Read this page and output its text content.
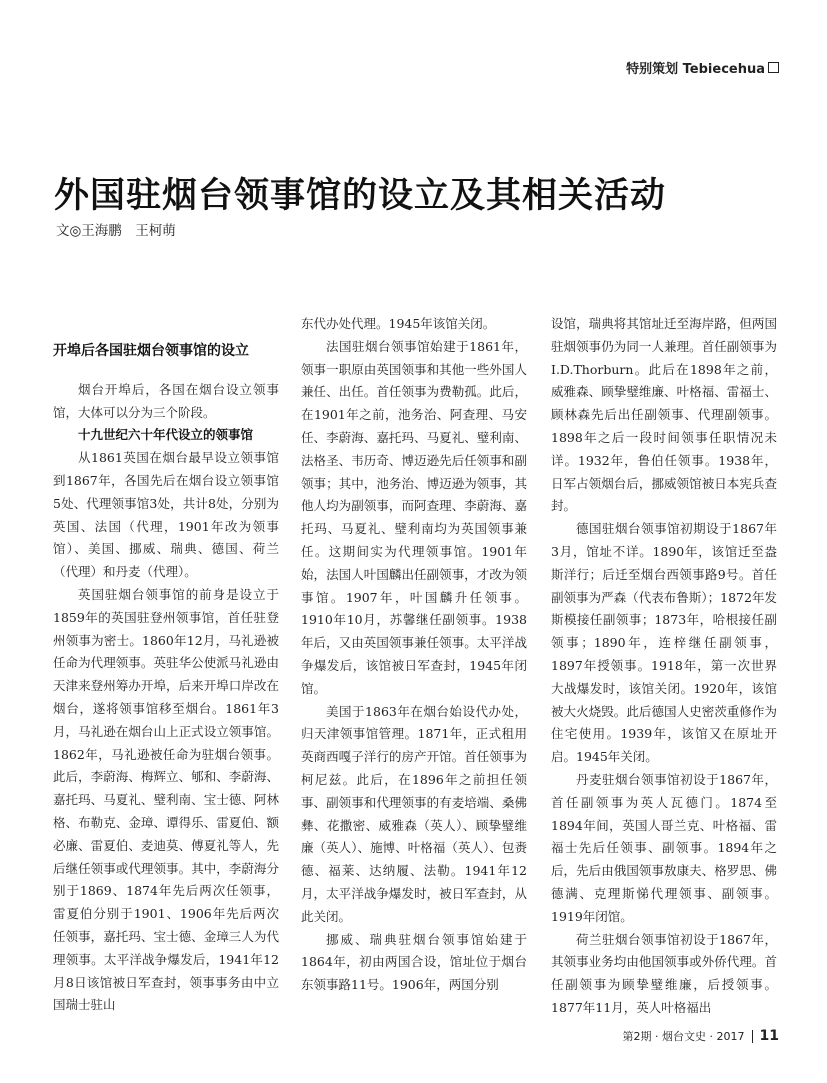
特别策划 Tebiecehua
外国驻烟台领事馆的设立及其相关活动
文◎王海鹏　王柯萌

开埠后各国驻烟台领事馆的设立

烟台开埠后，各国在烟台设立领事馆，大体可以分为三个阶段。

十九世纪六十年代设立的领事馆

从1861英国在烟台最早设立领事馆到1867年，各国先后在烟台设立领事馆5处、代理领事馆3处，共计8处，分别为英国、法国（代理，1901年改为领事馆）、美国、挪威、瑞典、德国、荷兰（代理）和丹麦（代理）。

英国驻烟台领事馆的前身是设立于1859年的英国驻登州领事馆，首任驻登州领事为密士。1860年12月，马礼逊被任命为代理领事。英驻华公使派马礼逊由天津来登州筹办开埠，后来开埠口岸改在烟台，遂将领事馆移至烟台。1861年3月，马礼逊在烟台山上正式设立领事馆。1862年，马礼逊被任命为驻烟台领事。此后，李蔚海、梅辉立、郇和、李蔚海、嘉托玛、马夏礼、璧利南、宝士德、阿林格、布勒克、金璋、谭得乐、雷夏伯、额必廉、雷夏伯、麦迪莫、傅夏礼等人，先后继任领事或代理领事。其中，李蔚海分别于1869、1874年先后两次任领事，雷夏伯分别于1901、1906年先后两次任领事，嘉托玛、宝士德、金璋三人为代理领事。太平洋战争爆发后，1941年12月8日该馆被日军查封，领事事务由中立国瑞士驻山

东代办处代理。1945年该馆关闭。

法国驻烟台领事馆始建于1861年，领事一职原由英国领事和其他一些外国人兼任、出任。首任领事为费勒孤。此后，在1901年之前，池务治、阿查理、马安任、李蔚海、嘉托玛、马夏礼、璧利南、法格圣、韦历奇、博迈逊先后任领事和副领事；其中，池务治、博迈逊为领事，其他人均为副领事，而阿查理、李蔚海、嘉托玛、马夏礼、璧利南均为英国领事兼任。这期间实为代理领事馆。1901年始，法国人叶国麟出任副领事，才改为领事馆。1907年，叶国麟升任领事。1910年10月，苏馨继任副领事。1938年后，又由英国领事兼任领事。太平洋战争爆发后，该馆被日军查封，1945年闭馆。

美国于1863年在烟台始设代办处，归天津领事馆管理。1871年，正式租用英商西嘎子洋行的房产开馆。首任领事为柯尼兹。此后，在1896年之前担任领事、副领事和代理领事的有麦培端、桑佛彝、花撒密、威雅森（英人）、顾挚璧维廉（英人）、施博、叶格福（英人）、包赉德、福莱、达纳履、法勒。1941年12月，太平洋战争爆发时，被日军查封，从此关闭。

挪威、瑞典驻烟台领事馆始建于1864年，初由两国合设，馆址位于烟台东领事路11号。1906年，两国分别

设馆，瑞典将其馆址迁至海岸路，但两国驻烟领事仍为同一人兼理。首任副领事为I.D.Thorburn。此后在1898年之前，威雅森、顾挚璧维廉、叶格福、雷福士、顾林森先后出任副领事、代理副领事。1898年之后一段时间领事任职情况未详。1932年，鲁伯任领事。1938年，日军占领烟台后，挪威领馆被日本宪兵查封。

德国驻烟台领事馆初期设于1867年3月，馆址不详。1890年，该馆迁至盎斯洋行；后迁至烟台西领事路9号。首任副领事为严森（代表布鲁斯）；1872年发斯模接任副领事；1873年，哈根接任副领事；1890年，连梓继任副领事，1897年授领事。1918年，第一次世界大战爆发时，该馆关闭。1920年，该馆被大火烧毁。此后德国人史密茨重修作为住宅使用。1939年，该馆又在原址开启。1945年关闭。

丹麦驻烟台领事馆初设于1867年，首任副领事为英人瓦德门。1874至1894年间，英国人哥兰克、叶格福、雷福士先后任领事、副领事。1894年之后，先后由俄国领事敖康夫、格罗思、佛德满、克理斯悌代理领事、副领事。1919年闭馆。

荷兰驻烟台领事馆初设于1867年，其领事业务均由他国领事或外侨代理。首任副领事为顾挚璧维廉，后授领事。1877年11月，英人叶格福出

第2期 · 烟台文史 · 2017 11
